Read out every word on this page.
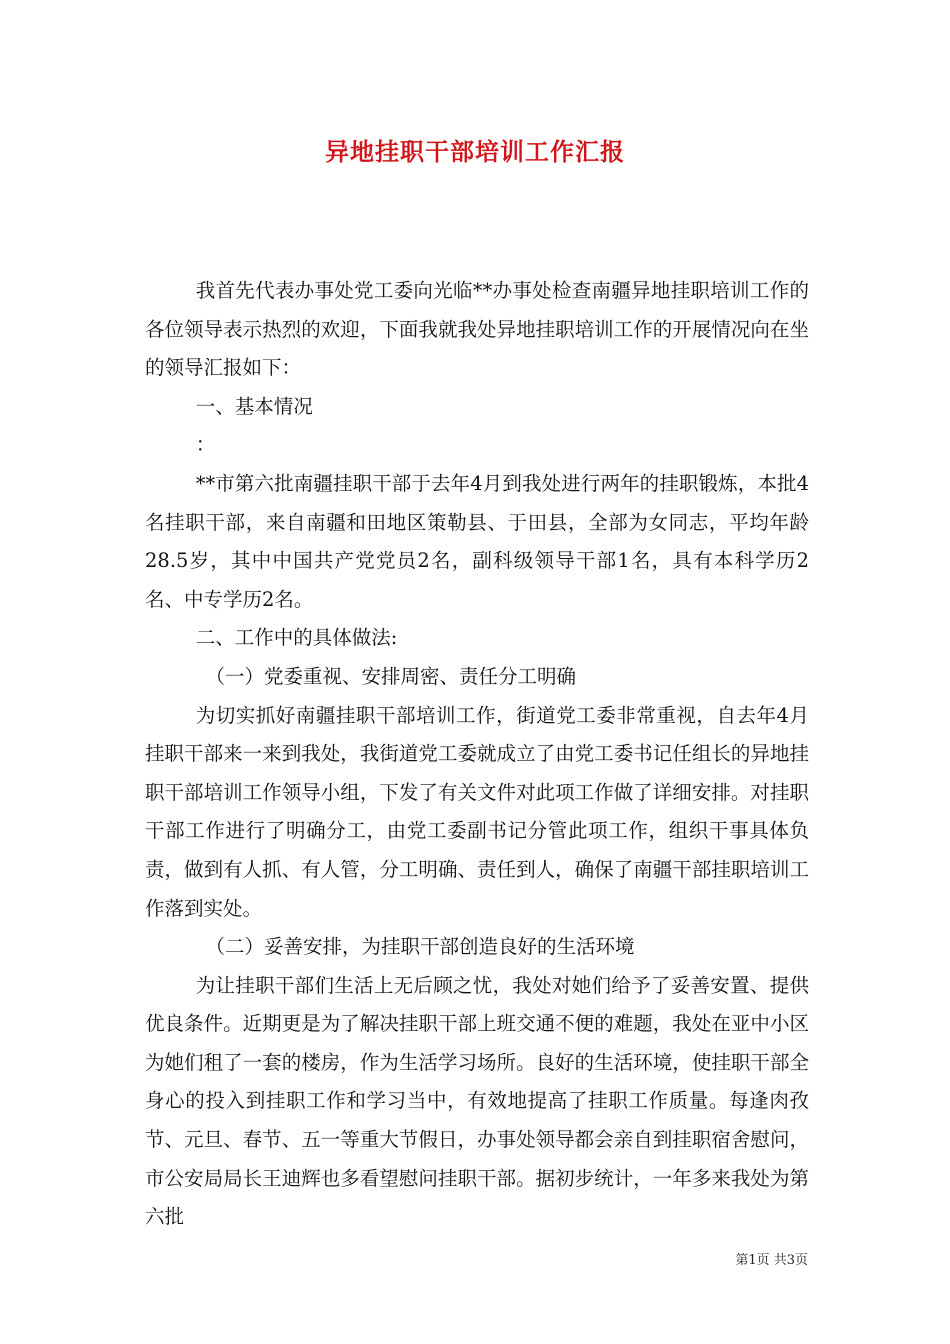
异地挂职干部培训工作汇报

我首先代表办事处党工委向光临**办事处检查南疆异地挂职培训工作的各位领导表示热烈的欢迎，下面我就我处异地挂职培训工作的开展情况向在坐的领导汇报如下：

一、基本情况

：

**市第六批南疆挂职干部于去年4月到我处进行两年的挂职锻炼，本批4名挂职干部，来自南疆和田地区策勒县、于田县，全部为女同志，平均年龄28.5岁，其中中国共产党党员2名，副科级领导干部1名，具有本科学历2名、中专学历2名。

二、工作中的具体做法:

（一）党委重视、安排周密、责任分工明确

为切实抓好南疆挂职干部培训工作，街道党工委非常重视，自去年4月挂职干部来一来到我处，我街道党工委就成立了由党工委书记任组长的异地挂职干部培训工作领导小组，下发了有关文件对此项工作做了详细安排。对挂职干部工作进行了明确分工，由党工委副书记分管此项工作，组织干事具体负责，做到有人抓、有人管，分工明确、责任到人，确保了南疆干部挂职培训工作落到实处。

（二）妥善安排，为挂职干部创造良好的生活环境

为让挂职干部们生活上无后顾之忧，我处对她们给予了妥善安置、提供优良条件。近期更是为了解决挂职干部上班交通不便的难题，我处在亚中小区为她们租了一套的楼房，作为生活学习场所。良好的生活环境，使挂职干部全身心的投入到挂职工作和学习当中，有效地提高了挂职工作质量。每逢肉孜节、元旦、春节、五一等重大节假日，办事处领导都会亲自到挂职宿舍慰问，市公安局局长王迪辉也多看望慰问挂职干部。据初步统计，一年多来我处为第六批

第1页 共3页
